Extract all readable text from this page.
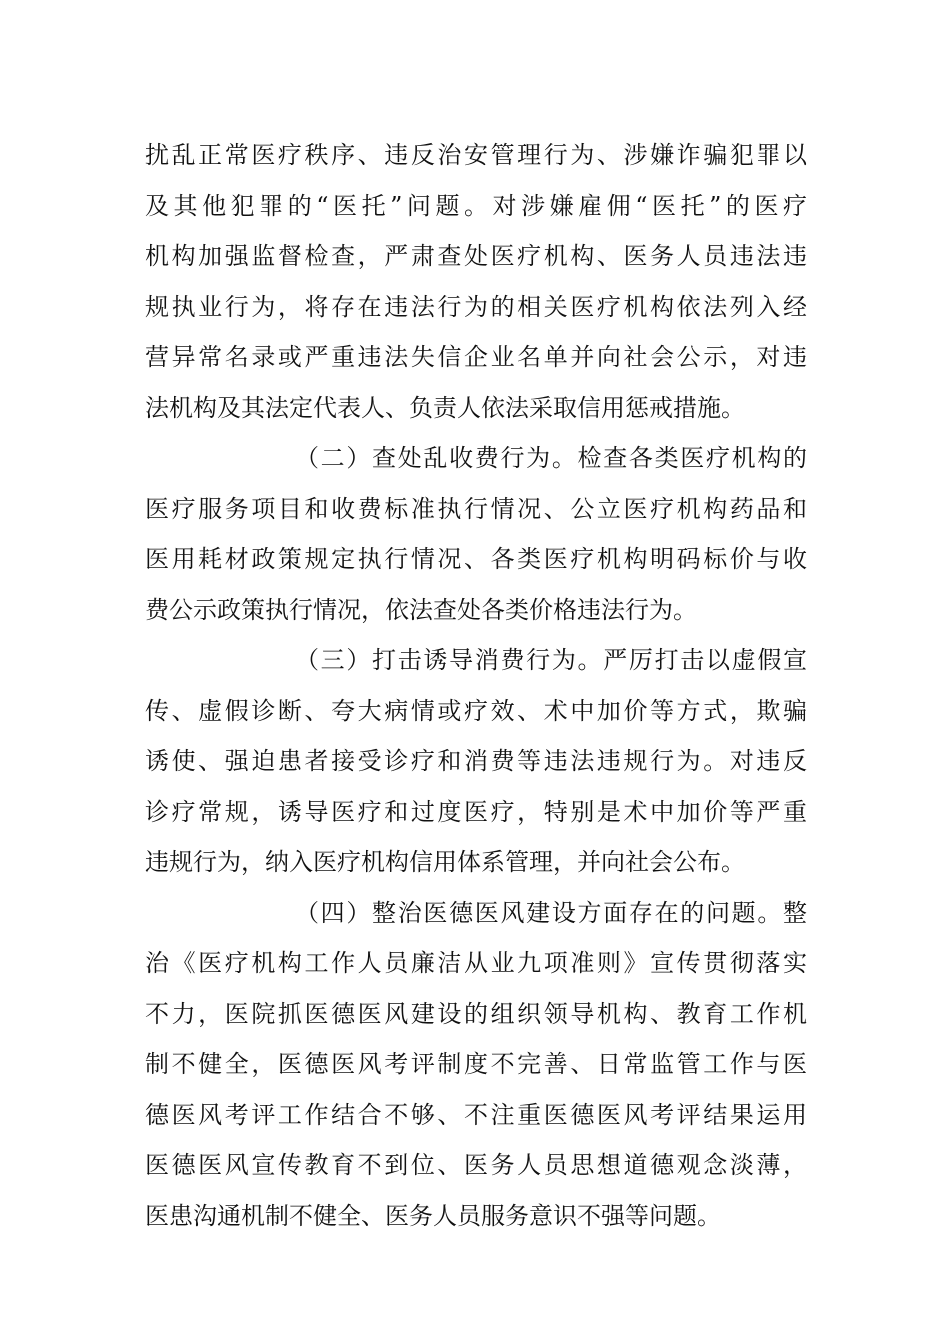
扰乱正常医疗秩序、违反治安管理行为、涉嫌诈骗犯罪以
及其他犯罪的“医托”问题。对涉嫌雇佣“医托”的医疗
机构加强监督检查，严肃查处医疗机构、医务人员违法违
规执业行为，将存在违法行为的相关医疗机构依法列入经
营异常名录或严重违法失信企业名单并向社会公示，对违
法机构及其法定代表人、负责人依法采取信用惩戒措施。
（二）查处乱收费行为。检查各类医疗机构的
医疗服务项目和收费标准执行情况、公立医疗机构药品和
医用耗材政策规定执行情况、各类医疗机构明码标价与收
费公示政策执行情况，依法查处各类价格违法行为。
（三）打击诱导消费行为。严厉打击以虚假宣
传、虚假诊断、夸大病情或疗效、术中加价等方式，欺骗
诱使、强迫患者接受诊疗和消费等违法违规行为。对违反
诊疗常规，诱导医疗和过度医疗，特别是术中加价等严重
违规行为，纳入医疗机构信用体系管理，并向社会公布。
（四）整治医德医风建设方面存在的问题。整
治《医疗机构工作人员廉洁从业九项准则》宣传贯彻落实
不力，医院抓医德医风建设的组织领导机构、教育工作机
制不健全，医德医风考评制度不完善、日常监管工作与医
德医风考评工作结合不够、不注重医德医风考评结果运用
医德医风宣传教育不到位、医务人员思想道德观念淡薄，
医患沟通机制不健全、医务人员服务意识不强等问题。
